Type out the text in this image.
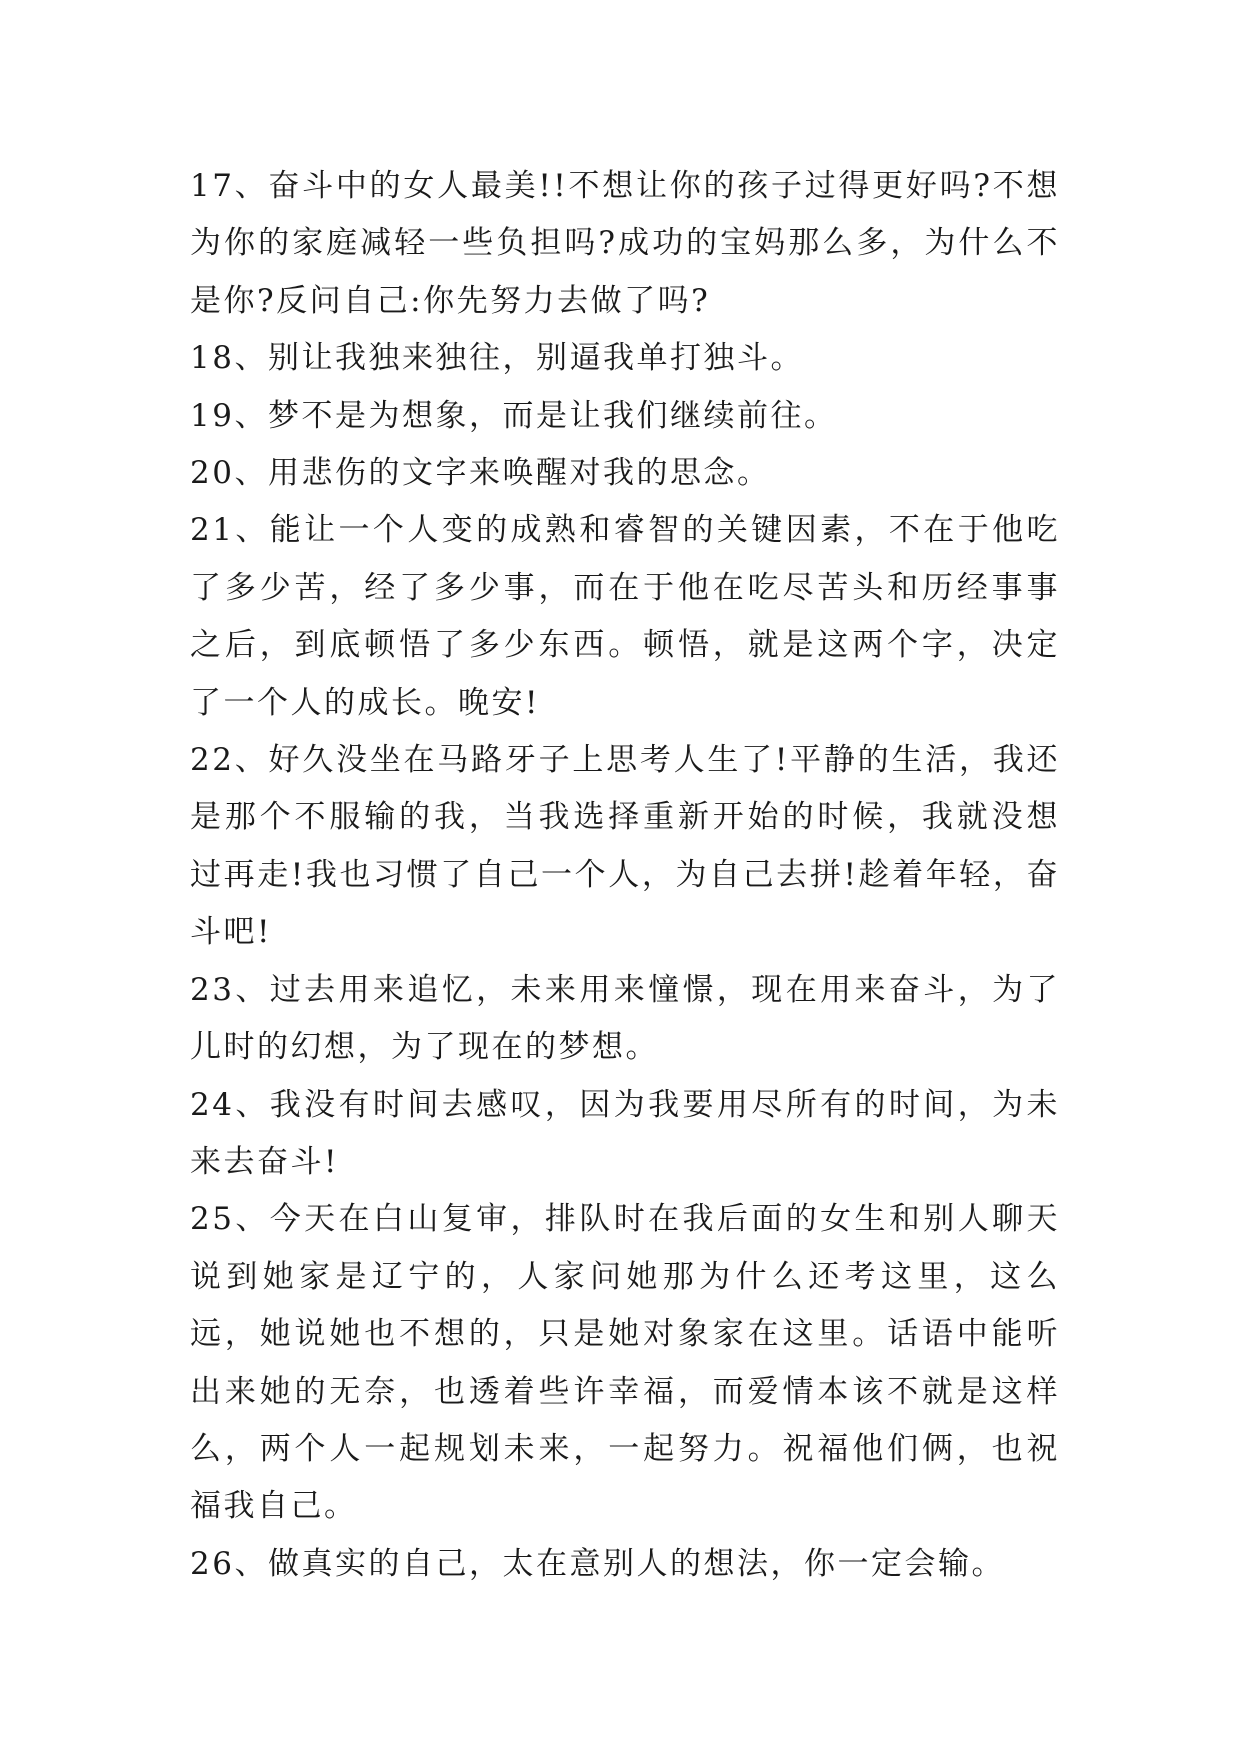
17、奋斗中的女人最美!!不想让你的孩子过得更好吗?不想为你的家庭减轻一些负担吗?成功的宝妈那么多，为什么不是你?反问自己:你先努力去做了吗?

18、别让我独来独往，别逼我单打独斗。

19、梦不是为想象，而是让我们继续前往。

20、用悲伤的文字来唤醒对我的思念。

21、能让一个人变的成熟和睿智的关键因素，不在于他吃了多少苦，经了多少事，而在于他在吃尽苦头和历经事事之后，到底顿悟了多少东西。顿悟，就是这两个字，决定了一个人的成长。晚安!

22、好久没坐在马路牙子上思考人生了!平静的生活，我还是那个不服输的我，当我选择重新开始的时候，我就没想过再走!我也习惯了自己一个人，为自己去拼!趁着年轻，奋斗吧!

23、过去用来追忆，未来用来憧憬，现在用来奋斗，为了儿时的幻想，为了现在的梦想。

24、我没有时间去感叹，因为我要用尽所有的时间，为未来去奋斗!

25、今天在白山复审，排队时在我后面的女生和别人聊天说到她家是辽宁的，人家问她那为什么还考这里，这么远，她说她也不想的，只是她对象家在这里。话语中能听出来她的无奈，也透着些许幸福，而爱情本该不就是这样么，两个人一起规划未来，一起努力。祝福他们俩，也祝福我自己。

26、做真实的自己，太在意别人的想法，你一定会输。
